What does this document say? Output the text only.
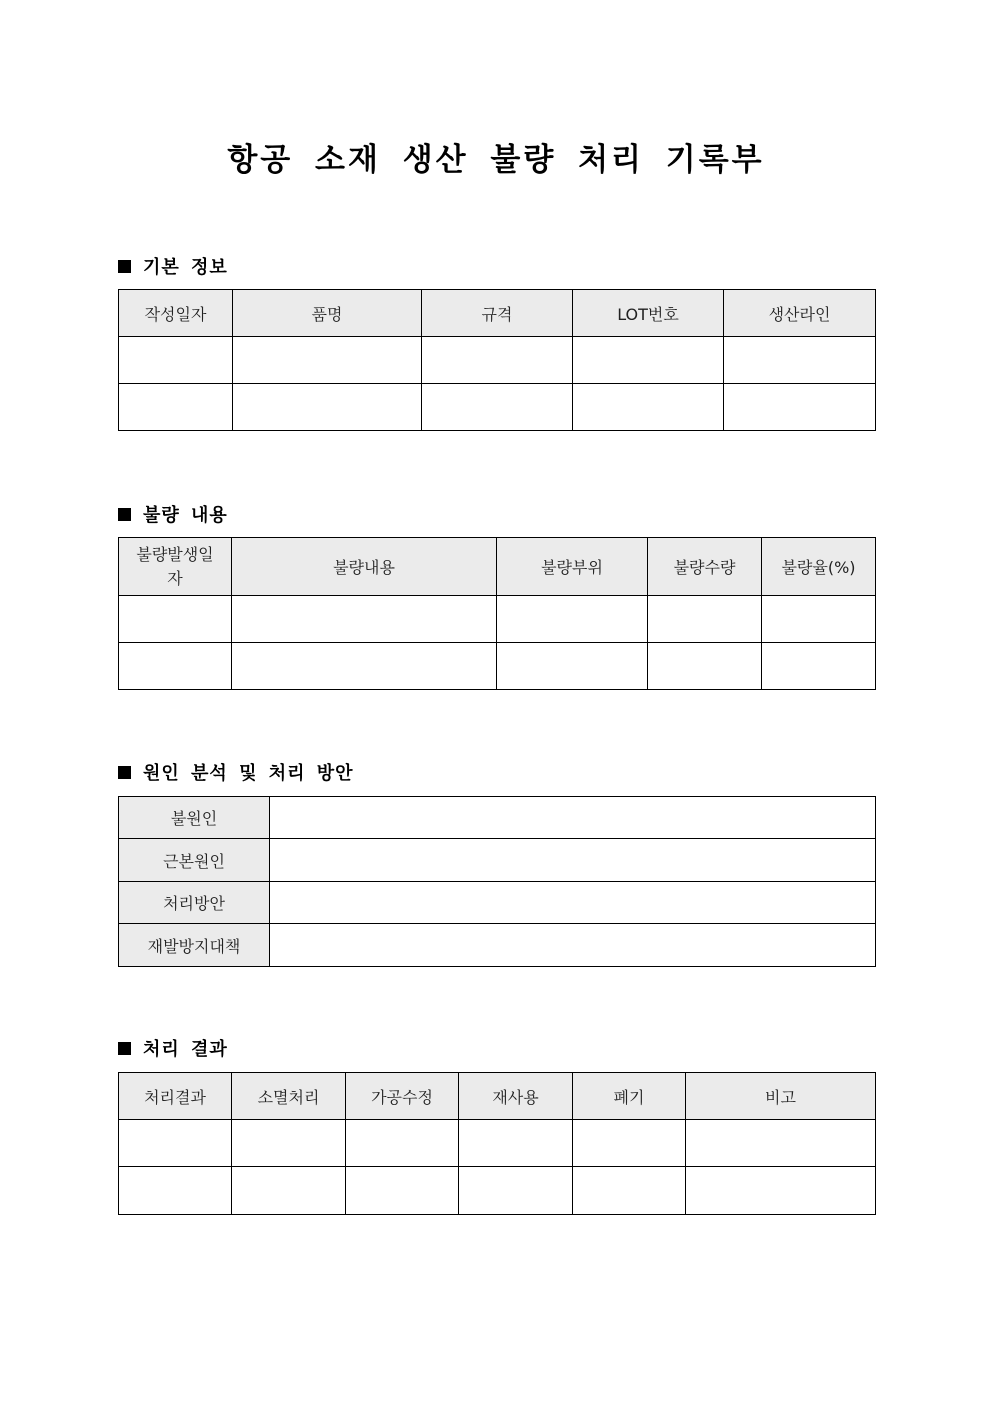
항공 소재 생산 불량 처리 기록부
기본 정보
작성일자	품명	규격	LOT번호	생산라인

불량 내용
불량발생일자	불량내용	불량부위	불량수량	불량율(%)

원인 분석 및 처리 방안
불원인	
근본원인	
처리방안	
재발방지대책	
처리 결과
처리결과	소멸처리	가공수정	재사용	폐기	비고
